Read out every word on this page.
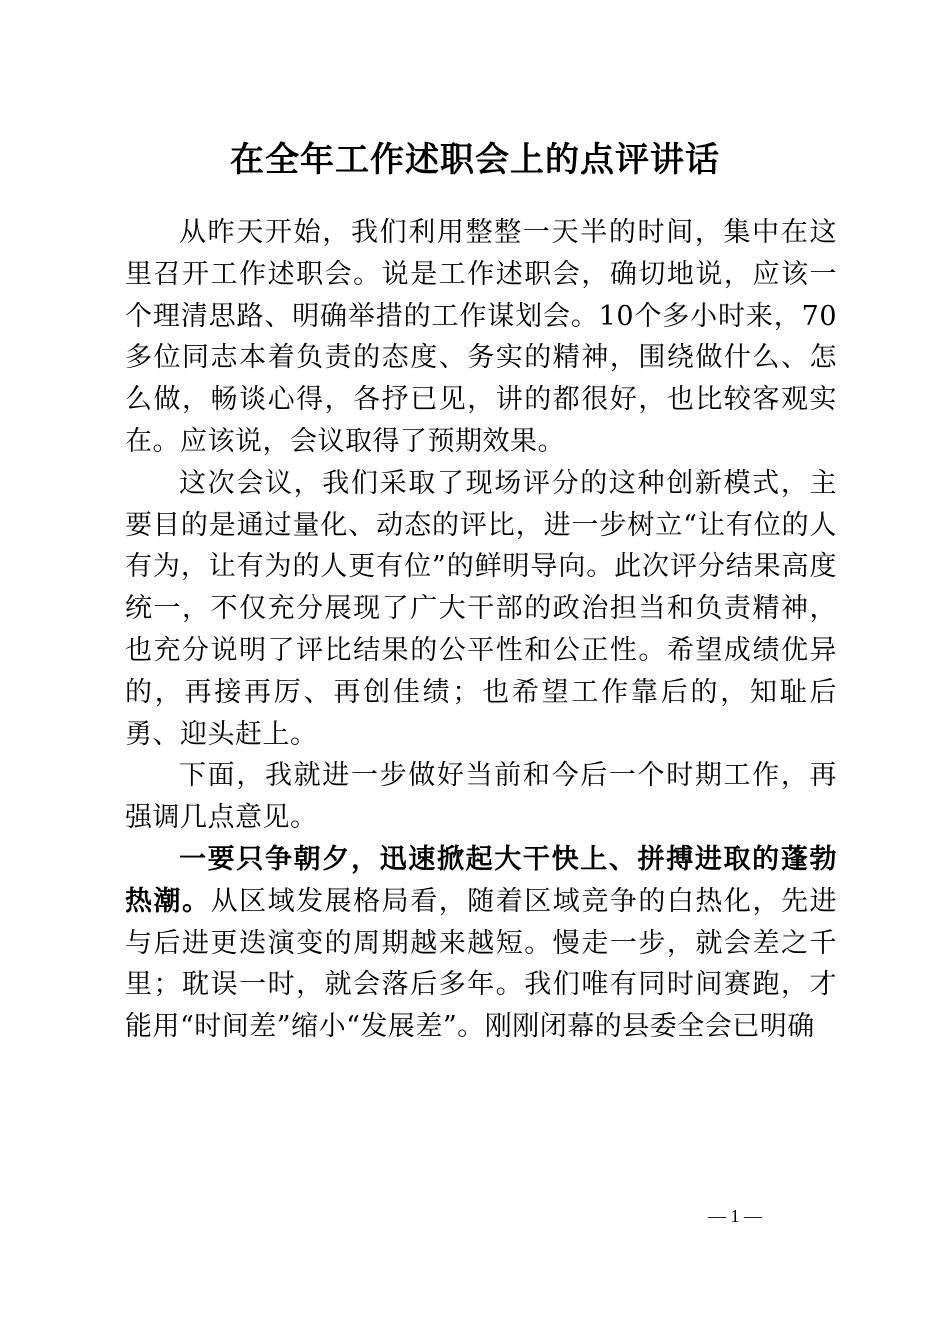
在全年工作述职会上的点评讲话

从昨天开始，我们利用整整一天半的时间，集中在这里召开工作述职会。说是工作述职会，确切地说，应该一个理清思路、明确举措的工作谋划会。10个多小时来，70多位同志本着负责的态度、务实的精神，围绕做什么、怎么做，畅谈心得，各抒已见，讲的都很好，也比较客观实在。应该说，会议取得了预期效果。

这次会议，我们采取了现场评分的这种创新模式，主要目的是通过量化、动态的评比，进一步树立“让有位的人有为，让有为的人更有位”的鲜明导向。此次评分结果高度统一，不仅充分展现了广大干部的政治担当和负责精神，也充分说明了评比结果的公平性和公正性。希望成绩优异的，再接再厉、再创佳绩；也希望工作靠后的，知耻后勇、迎头赶上。

下面，我就进一步做好当前和今后一个时期工作，再强调几点意见。

一要只争朝夕，迅速掀起大干快上、拼搏进取的蓬勃 热潮。从区域发展格局看，随着区域竞争的白热化，先进与后进更迭演变的周期越来越短。慢走一步，就会差之千里；耽误一时，就会落后多年。我们唯有同时间赛跑，才能用“时间差”缩小“发展差”。刚刚闭幕的县委全会已明确

— 1 —
